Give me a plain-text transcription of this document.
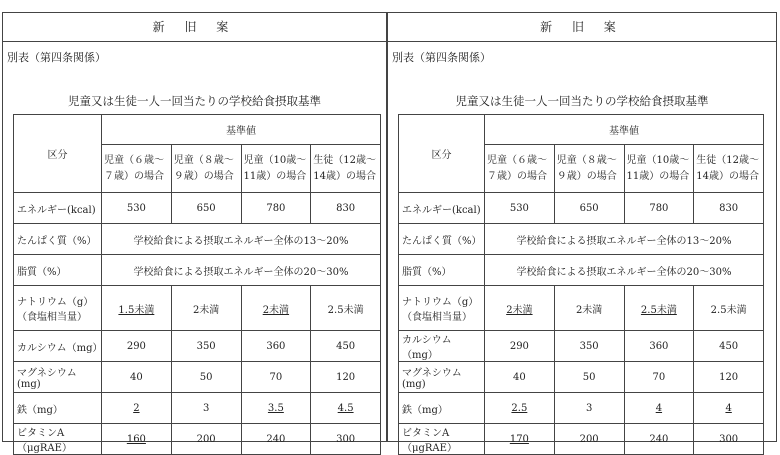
新 旧 案
別表（第四条関係）
児童又は生徒一人一回当たりの学校給食摂取基準
区分	基準値			
	児童（６歳〜７歳）の場合	児童（８歳〜９歳）の場合	児童（10歳〜11歳）の場合	生徒（12歳〜14歳）の場合
エネルギー(kcal)	530	650	780	830
たんぱく質（%）	学校給食による摂取エネルギー全体の13〜20%			
脂質（%）	学校給食による摂取エネルギー全体の20〜30%			
ナトリウム（g）（食塩相当量）	1.5未満	2未満	2未満	2.5未満
カルシウム（mg）	290	350	360	450
マグネシウム(mg)	40	50	70	120
鉄（mg）	2	3	3.5	4.5
ビタミンA（μgRAE）	160	200	240	300
新 旧 案
別表（第四条関係）
児童又は生徒一人一回当たりの学校給食摂取基準
区分	基準値			
	児童（６歳〜７歳）の場合	児童（８歳〜９歳）の場合	児童（10歳〜11歳）の場合	生徒（12歳〜14歳）の場合
エネルギー(kcal)	530	650	780	830
たんぱく質（%）	学校給食による摂取エネルギー全体の13〜20%			
脂質（%）	学校給食による摂取エネルギー全体の20〜30%			
ナトリウム（g）（食塩相当量）	2未満	2未満	2.5未満	2.5未満
カルシウム（mg）	290	350	360	450
マグネシウム(mg)	40	50	70	120
鉄（mg）	2.5	3	4	4
ビタミンA（μgRAE）	170	200	240	300
